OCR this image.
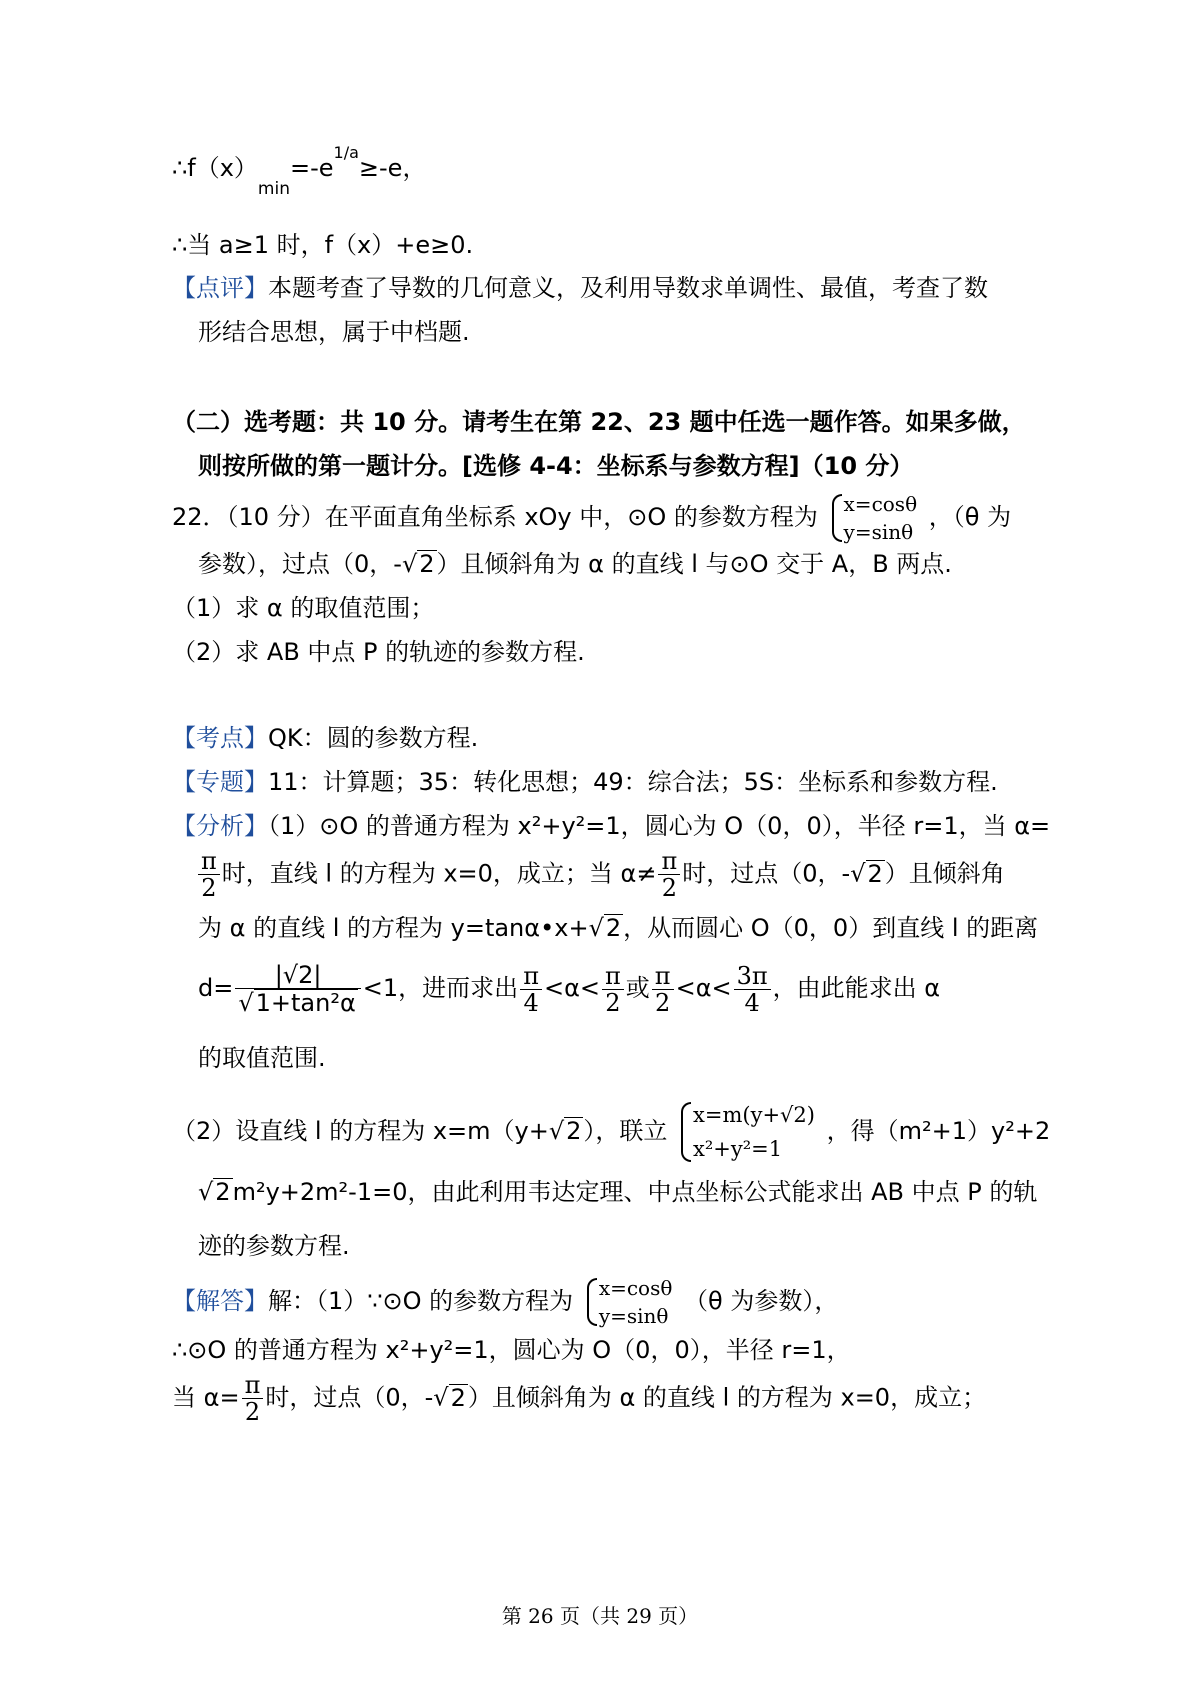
$\therefore f(x)_{min}=‑e^{1/a}\ge‑e$，
∴当 a≥1 时，f（x）+e≥0.
【点评】本题考查了导数的几何意义，及利用导数求单调性、最值，考查了数
形结合思想，属于中档题.
（二）选考题：共 10 分。请考生在第 22、23 题中任选一题作答。如果多做，
则按所做的第一题计分。[选修 4-4：坐标系与参数方程]（10 分）
22．（10 分）在平面直角坐标系 xOy 中，⊙O 的参数方程为 x=cosθ
y=sinθ
，（θ 为
参数），过点（0，‑√2）且倾斜角为 α 的直线 l 与⊙O 交于 A，B 两点.
（1）求 α 的取值范围；
（2）求 AB 中点 P 的轨迹的参数方程.
【考点】QK：圆的参数方程.
【专题】11：计算题；35：转化思想；49：综合法；5S：坐标系和参数方程.
【分析】（1）⊙O 的普通方程为 x²+y²=1，圆心为 O（0，0），半径 r=1，当 α=
$\frac{\pi}{2}$ 时，直线 l 的方程为 x=0，成立；当 $\alpha\ne \frac{\pi}{2}$ 时，过点（0，‑√2）且倾斜角
为 α 的直线 l 的方程为 y=tanα•x+√2，从而圆心 O（0，0）到直线 l 的距离
$d= \frac{|√2|}{\text{√1+tan²α}} <1$，进而求出 $\frac{\pi}{4} <\alpha< \frac{\pi}{2}$ 或 $\frac{\pi}{2} <\alpha< \frac{3\pi}{4}$ ，由此能求出 α
的取值范围.
（2）设直线 l 的方程为 x=m（y+√2），联立
x=m(y+√2)
x²+y²=1
，得（m²+1）y²+2
√2m²y+2m²‑1=0，由此利用韦达定理、中点坐标公式能求出 AB 中点 P 的轨
迹的参数方程.
【解答】解：（1）∵⊙O 的参数方程为 x=cosθ
y=sinθ
（θ 为参数），
∴⊙O 的普通方程为 x²+y²=1，圆心为 O（0，0），半径 r=1，
当 $\alpha= \frac{\pi}{2}$ 时，过点（0，‑√2）且倾斜角为 α 的直线 l 的方程为 x=0，成立；
第 26 页（共 29 页）
